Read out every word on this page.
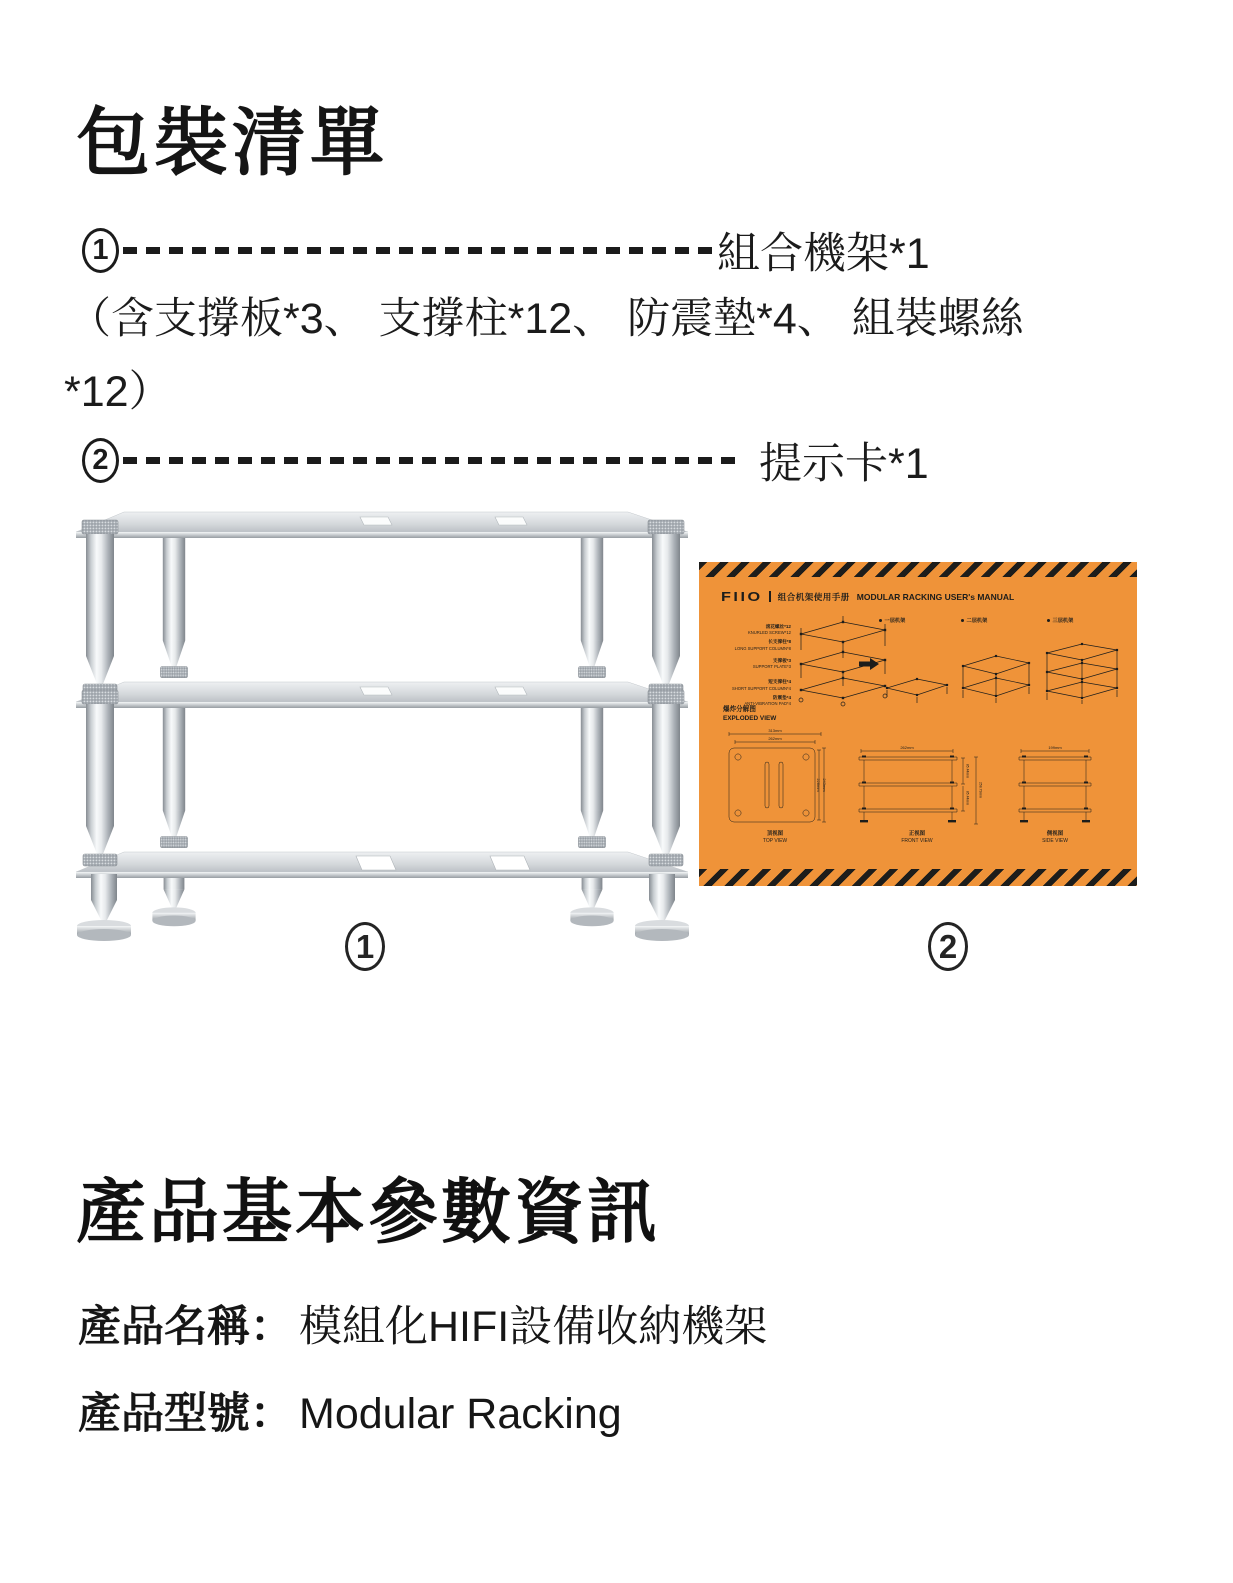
包裝清單
1	組合機架*1
（含支撐板*3、 支撐柱*12、 防震墊*4、 組裝螺絲
*12）
2	提示卡*1
FIIO 组合机架使用手册 MODULAR RACKING USER's MANUAL
滚花螺丝*12
KNURLED SCREW*12
长支撑柱*8
LONG SUPPORT COLUMN*8
支撑板*3
SUPPORT PLATE*3
短支撑柱*4
SHORT SUPPORT COLUMN*4
防震垫*4
ANTI-VIBRATION PAD*4
一层机架	二层机架	三层机架
爆炸分解图
EXPLODED VIEW
313mm
262mm
228mm 243mm
262mm
85.44mm
85.44mm	258.73mm
199mm
顶视图
TOP VIEW
正视图
FRONT VIEW
侧视图
SIDE VIEW
1	2
產品基本參數資訊
產品名稱： 模組化HIFI設備收納機架
產品型號： Modular Racking
